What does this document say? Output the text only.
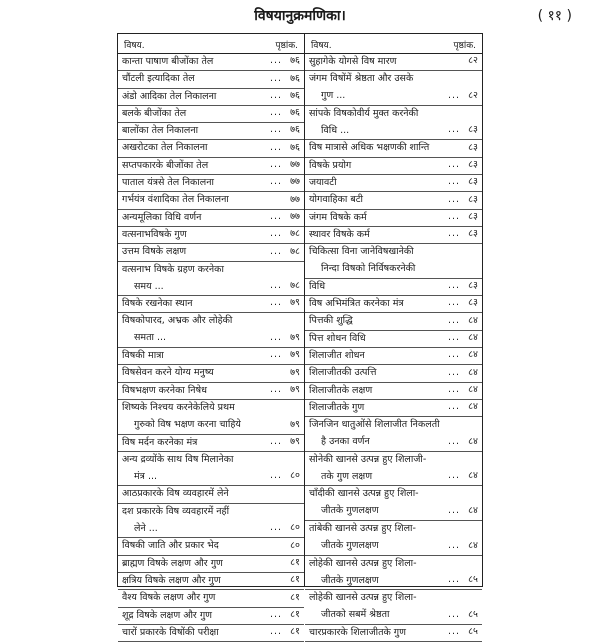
विषयानुक्रमणिका।	( ११ )
विषय.	पृष्ठांक.
कान्ता पाषाण बीजोंका तेल	... ७६
चौंटली इत्यादिका तेल	... ७६
अंडो आदिका तेल निकालना	... ७६
बलके बीजोंका तेल	... ७६
बालोंका तेल निकालना	... ७६
अखरोटका तेल निकालना	... ७६
सप्तपकारके बीजोंका तेल	... ७७
पाताल यंत्रसे तेल निकालना	... ७७
गर्भयंत्र वंशादिका तेल निकालना	७७
अन्यमूलिका विधि वर्णन	... ७७
वत्सनाभविषके गुण	... ७८
उत्तम विषके लक्षण	... ७८
वत्सनाभ विषके ग्रहण करनेका
समय ...	... ७८
विषके रखनेका स्थान	... ७९
विषकोपारद, अभ्रक और लोहेकी
समता ...	... ७९
विषकी मात्रा	... ७९
विषसेवन करने योग्य मनुष्य	७९
विषभक्षण करनेका निषेध	... ७९
शिष्यके निश्चय करनेकेलिये प्रथम
गुरुको विष भक्षण करना चाहिये	७९
विष मर्दन करनेका मंत्र	... ७९
अन्य द्रव्योंके साथ विष मिलानेका
मंत्र ...	... ८०
आठप्रकारके विष व्यवहारमें लेने
दश प्रकारके विष व्यवहारमें नहीं
लेने ...	... ८०
विषकी जाति और प्रकार भेद	८०
ब्राह्मण विषके लक्षण और गुण	८१
क्षत्रिय विषके लक्षण और गुण	८१
वैश्य विषके लक्षण और गुण	८१
शूद्र विषके लक्षण और गुण	... ८१
चारों प्रकारके विषोंकी परीक्षा	... ८१
विषय.	पृष्ठांक.
सुहागेके योगसे विष मारण	८२
जंगम विषोंमें श्रेष्ठता और उसके
गुण ...	... ८२
सांपके विषकोवीर्य मुक्त करनेकी
विधि ...	... ८३
विष मात्रासे अधिक भक्षणकी शान्ति	८३
विषके प्रयोग	... ८३
जयावटी	... ८३
योगवाहिका बटी	... ८३
जंगम विषके कर्म	... ८३
स्थावर विषके कर्म	... ८३
चिकित्सा विना जानेविषखानेकी
निन्दा विषको निर्विषकरनेकी
विधि	... ८३
विष अभिमंत्रित करनेका मंत्र	... ८३
पित्तकी शुद्धि	... ८४
पित्त शोधन विधि	... ८४
शिलाजीत शोधन	... ८४
शिलाजीतकी उत्पत्ति	... ८४
शिलाजीतके लक्षण	... ८४
शिलाजीतके गुण	... ८४
जिनजिन धातुओंसे शिलाजीत निकलती
है उनका वर्णन	... ८४
सोनेकी खानसे उत्पन्न हुए शिलाजी-
तके गुण लक्षण	... ८४
चाँदीकी खानसे उत्पन्न हुए शिला-
जीतके गुणलक्षण	... ८४
तांबेकी खानसे उत्पन्न हुए शिला-
जीतके गुणलक्षण	... ८४
लोहेकी खानसे उत्पन्न हुए शिला-
जीतके गुणलक्षण	... ८५
लोहेकी खानसे उत्पन्न हुए शिला-
जीतको सबमें श्रेष्ठता	... ८५
चारप्रकारके शिलाजीतके गुण	... ८५
